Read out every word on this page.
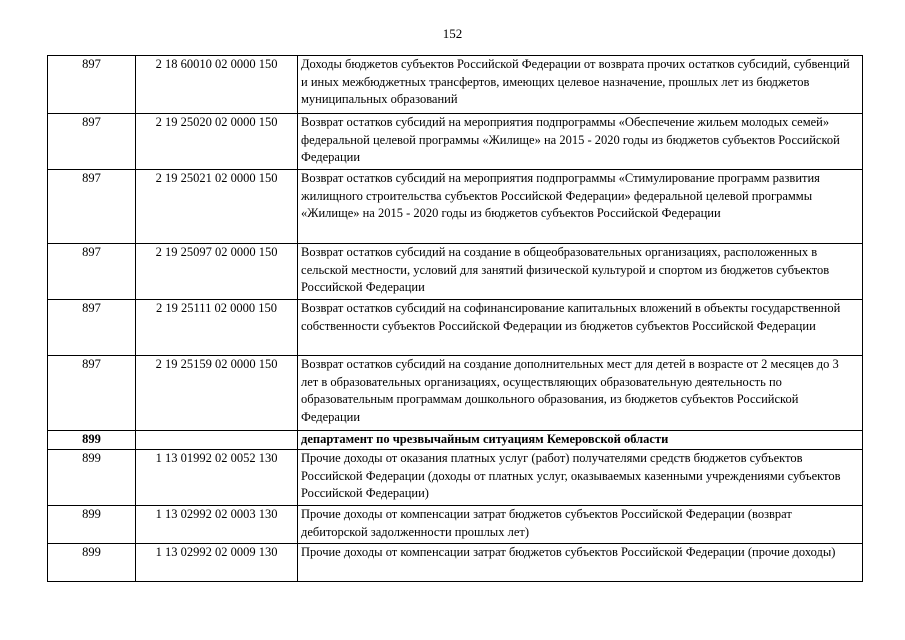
152
897	2 18 60010 02 0000 150	Доходы бюджетов субъектов Российской Федерации от возврата прочих остатков субсидий, субвенций и иных межбюджетных трансфертов, имеющих целевое назначение, прошлых лет из бюджетов муниципальных образований
897	2 19 25020 02 0000 150	Возврат остатков субсидий на мероприятия подпрограммы «Обеспечение жильем молодых семей» федеральной целевой программы «Жилище» на 2015 - 2020 годы из бюджетов субъектов Российской Федерации
897	2 19 25021 02 0000 150	Возврат остатков субсидий на мероприятия подпрограммы «Стимулирование программ развития жилищного строительства субъектов Российской Федерации» федеральной целевой программы «Жилище» на 2015 - 2020 годы из бюджетов субъектов Российской Федерации
897	2 19 25097 02 0000 150	Возврат остатков субсидий на создание в общеобразовательных организациях, расположенных в сельской местности, условий для занятий физической культурой и спортом из бюджетов субъектов Российской Федерации
897	2 19 25111 02 0000 150	Возврат остатков субсидий на софинансирование капитальных вложений в объекты государственной собственности субъектов Российской Федерации из бюджетов субъектов Российской Федерации
897	2 19 25159 02 0000 150	Возврат остатков субсидий на создание дополнительных мест для детей в возрасте от 2 месяцев до 3 лет в образовательных организациях, осуществляющих образовательную деятельность по образовательным программам дошкольного образования, из бюджетов субъектов Российской Федерации
899		департамент по чрезвычайным ситуациям Кемеровской области
899	1 13 01992 02 0052 130	Прочие доходы от оказания платных услуг (работ) получателями средств бюджетов субъектов Российской Федерации (доходы от платных услуг, оказываемых казенными учреждениями субъектов Российской Федерации)
899	1 13 02992 02 0003 130	Прочие доходы от компенсации затрат бюджетов субъектов Российской Федерации (возврат дебиторской задолженности прошлых лет)
899	1 13 02992 02 0009 130	Прочие доходы от компенсации затрат бюджетов субъектов Российской Федерации (прочие доходы)
